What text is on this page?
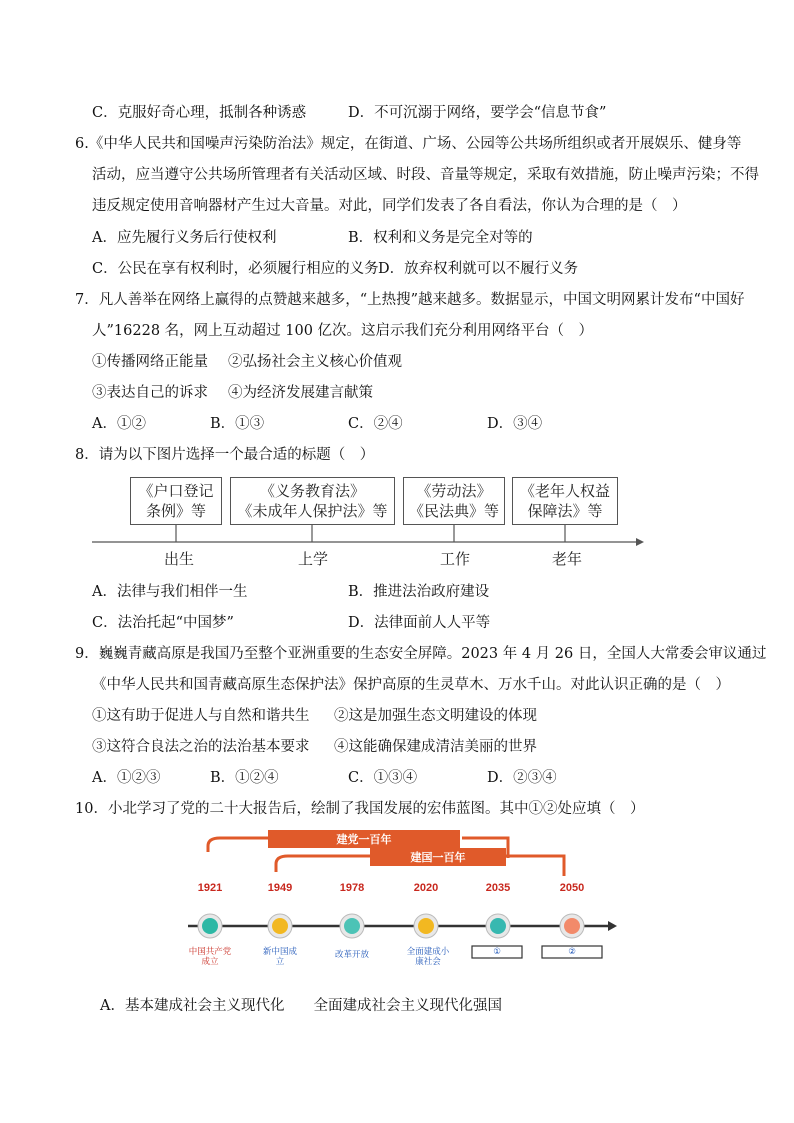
C．克服好奇心理，抵制各种诱惑	D．不可沉溺于网络，要学会“信息节食”
6.《中华人民共和国噪声污染防治法》规定，在街道、广场、公园等公共场所组织或者开展娱乐、健身等
活动，应当遵守公共场所管理者有关活动区域、时段、音量等规定，采取有效措施，防止噪声污染；不得
违反规定使用音响器材产生过大音量。对此，同学们发表了各自看法，你认为合理的是（　）
A．应先履行义务后行使权利	B．权利和义务是完全对等的
C．公民在享有权利时，必须履行相应的义务 D．放弃权利就可以不履行义务
7．凡人善举在网络上赢得的点赞越来越多，“上热搜”越来越多。数据显示，中国文明网累计发布“中国好
人”16228 名，网上互动超过 100 亿次。这启示我们充分利用网络平台（　）
①传播网络正能量 ②弘扬社会主义核心价值观
③表达自己的诉求 ④为经济发展建言献策
A．①②	B．①③	C．②④	D．③④
8．请为以下图片选择一个最合适的标题（　）
《户口登记
条例》等
《义务教育法》
《未成年人保护法》等
《劳动法》
《民法典》等
《老年人权益
保障法》等
出生	上学	工作	老年
A．法律与我们相伴一生	B．推进法治政府建设
C．法治托起“中国梦”	D．法律面前人人平等
9．巍巍青藏高原是我国乃至整个亚洲重要的生态安全屏障。2023 年 4 月 26 日，全国人大常委会审议通过
《中华人民共和国青藏高原生态保护法》保护高原的生灵草木、万水千山。对此认识正确的是（　）
①这有助于促进人与自然和谐共生 ②这是加强生态文明建设的体现
③这符合良法之治的法治基本要求 ④这能确保建成清洁美丽的世界
A．①②③	B．①②④	C．①③④	D．②③④
10．小北学习了党的二十大报告后，绘制了我国发展的宏伟蓝图。其中①②处应填（　）
建党一百年
建国一百年
1921	1949	1978	2020	2035	2050
中国共产党成立
新中国成立
改革开放	全面建成小康社会
①	②
A．基本建成社会主义现代化　　全面建成社会主义现代化强国
